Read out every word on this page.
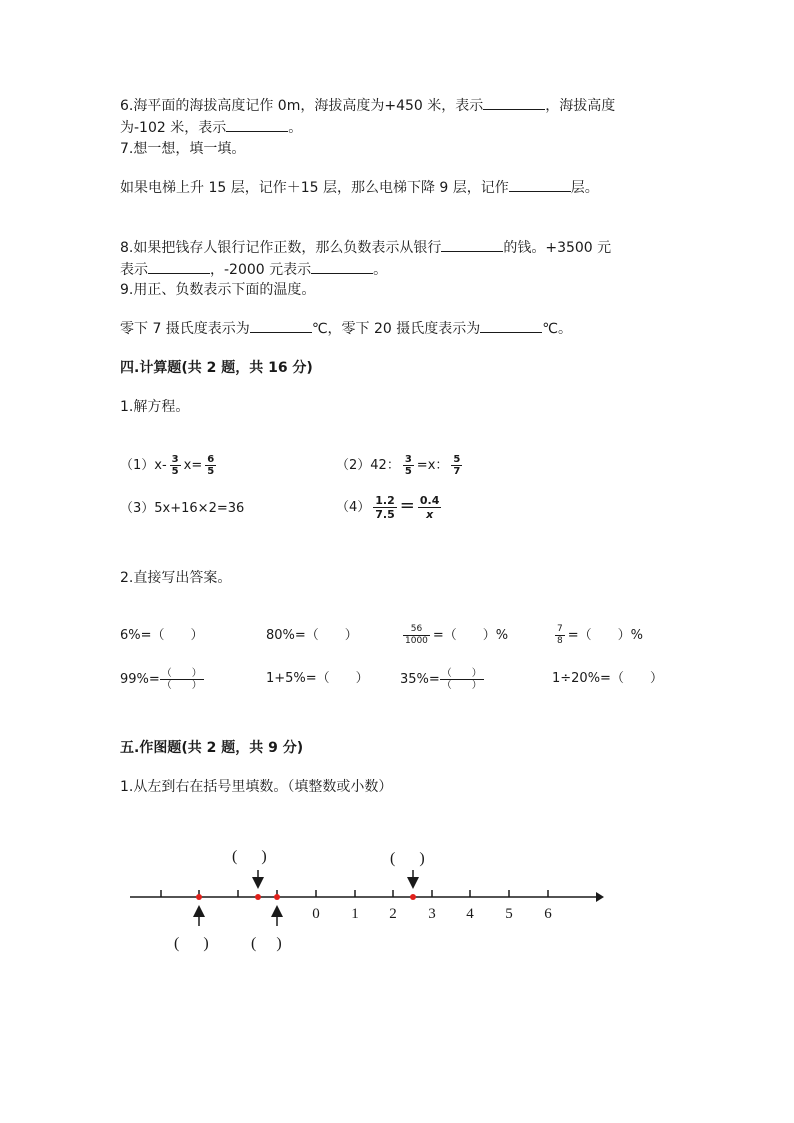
6.海平面的海拔高度记作 0m，海拔高度为+450 米，表示	，海拔高度
为-102 米，表示	。
7.想一想，填一填。
如果电梯上升 15 层，记作＋15 层，那么电梯下降 9 层，记作	层。
8.如果把钱存人银行记作正数，那么负数表示从银行	的钱。+3500 元
表示	，-2000 元表示	。
9.用正、负数表示下面的温度。
零下 7 摄氏度表示为	℃，零下 20 摄氏度表示为	℃。
四.计算题(共 2 题，共 16 分)
1.解方程。
$(1)x- \frac{3}{5} x= \frac{6}{5}$	（2）42： $\frac{3}{5} =x$： $\frac{5}{7}$
（3）5x+16×2=36	$(4) \frac{1.2}{7.5} = \frac{0.4}{x}$
2.直接写出答案。
6%=（　　）	80%=（　　）	$\frac{56}{1000}$ =（　　）%	$\frac{7}{8}$ =（　　）%
$99\%= \frac{( )}{( )}$	1+5%=（　　） $35\%= \frac{( )}{( )}$	1÷20%=（　　）
五.作图题(共 2 题，共 9 分)
1.从左到右在括号里填数。（填整数或小数）
0 1 2 3 4 5 6
(      )	(      )
(      )	(     )
